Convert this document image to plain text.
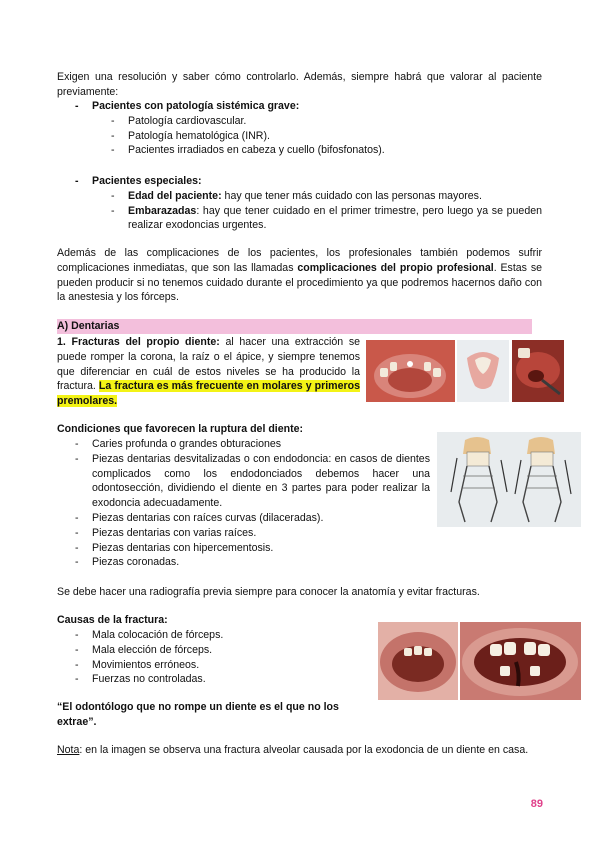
Exigen una resolución y saber cómo controlarlo. Además, siempre habrá que valorar al paciente previamente:

- Pacientes con patología sistémica grave:
- Patología cardiovascular.
- Patología hematológica (INR).
- Pacientes irradiados en cabeza y cuello (bifosfonatos).
- Pacientes especiales:
- Edad del paciente: hay que tener más cuidado con las personas mayores.
- Embarazadas: hay que tener cuidado en el primer trimestre, pero luego ya se pueden realizar exodoncias urgentes.

Además de las complicaciones de los pacientes, los profesionales también podemos sufrir complicaciones inmediatas, que son las llamadas complicaciones del propio profesional. Estas se pueden producir si no tenemos cuidado durante el procedimiento ya que podremos hacernos daño con la anestesia y los fórceps.

A) Dentarias

1. Fracturas del propio diente: al hacer una extracción se puede romper la corona, la raíz o el ápice, y siempre tenemos que diferenciar en cuál de estos niveles se ha producido la fractura. La fractura es más frecuente en molares y primeros premolares.

Condiciones que favorecen la ruptura del diente:
- Caries profunda o grandes obturaciones
- Piezas dentarias desvitalizadas o con endodoncia: en casos de dientes complicados como los endodonciados debemos hacer una odontosección, dividiendo el diente en 3 partes para poder realizar la exodoncia adecuadamente.
- Piezas dentarias con raíces curvas (dilaceradas).
- Piezas dentarias con varias raíces.
- Piezas dentarias con hipercementosis.
- Piezas coronadas.

Se debe hacer una radiografía previa siempre para conocer la anatomía y evitar fracturas.

Causas de la fractura:
- Mala colocación de fórceps.
- Mala elección de fórceps.
- Movimientos erróneos.
- Fuerzas no controladas.

“El odontólogo que no rompe un diente es el que no los extrae”.

Nota: en la imagen se observa una fractura alveolar causada por la exodoncia de un diente en casa.

89
